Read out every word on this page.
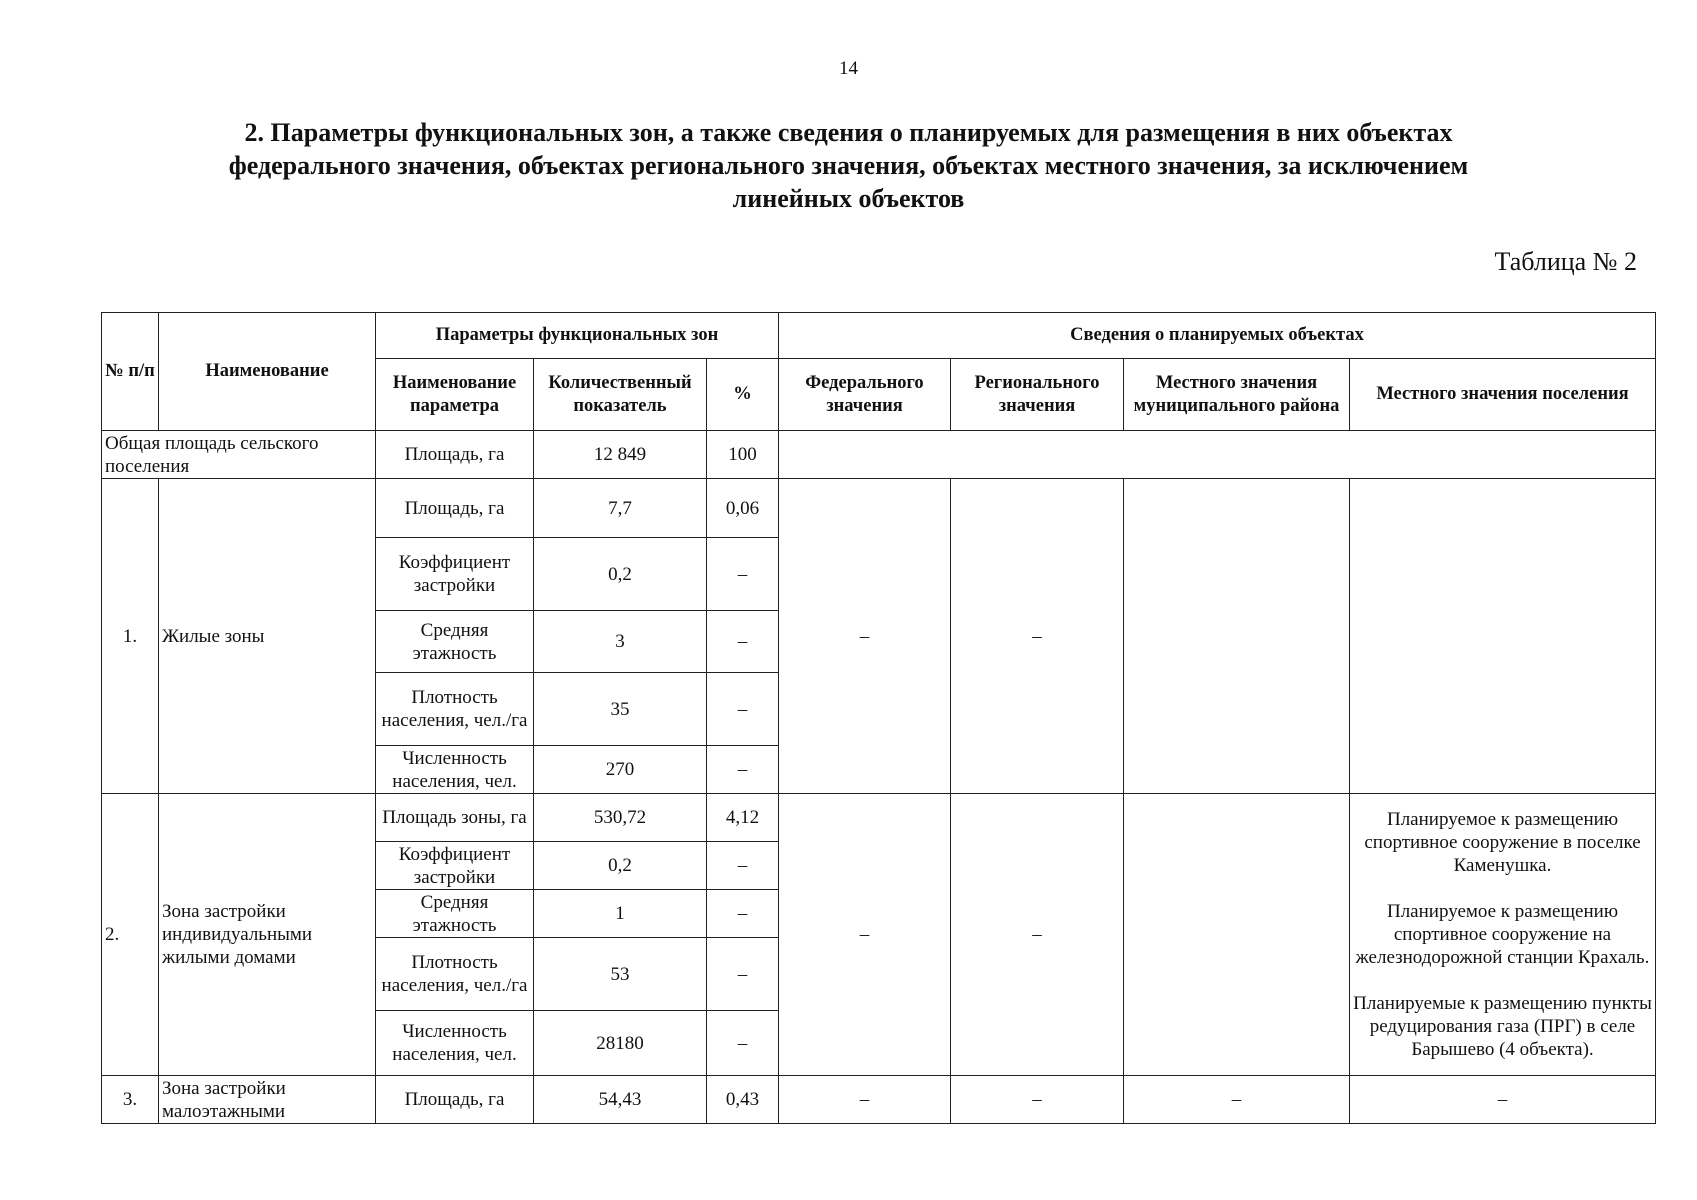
14
2. Параметры функциональных зон, а также сведения о планируемых для размещения в них объектах
федерального значения, объектах регионального значения, объектах местного значения, за исключением
линейных объектов
Таблица № 2
№ п/п	Наименование	Параметры функциональных зон			Сведения о планируемых объектах			
		Наименование параметра	Количественный показатель	%	Федерального значения	Регионального значения	Местного значения муниципального района	Местного значения поселения
Общая площадь сельского поселения		Площадь, га	12 849	100				
1.	Жилые зоны	Площадь, га	7,7	0,06	–	–		
		Коэффициент застройки	0,2	–				
		Средняя этажность	3	–				
		Плотность населения, чел./га	35	–				
		Численность населения, чел.	270	–				
2.	Зона застройки индивидуальными жилыми домами	Площадь зоны, га	530,72	4,12	–	–		Планируемое к размещению спортивное сооружение в поселке Каменушка.
Планируемое к размещению спортивное сооружение на железнодорожной станции Крахаль.
Планируемые к размещению пункты редуцирования газа (ПРГ) в селе Барышево (4 объекта).
		Коэффициент застройки	0,2	–				
		Средняя этажность	1	–				
		Плотность населения, чел./га	53	–				
		Численность населения, чел.	28180	–				
3.	Зона застройки малоэтажными	Площадь, га	54,43	0,43	–	–	–	–
